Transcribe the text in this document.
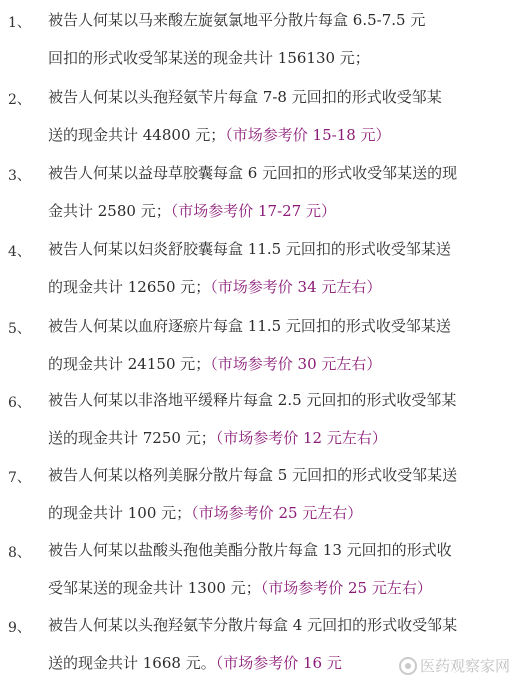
1、 被告人何某以马来酸左旋氨氯地平分散片每盒 6.5-7.5 元
回扣的形式收受邹某送的现金共计 156130 元；
2、 被告人何某以头孢羟氨苄片每盒 7-8 元回扣的形式收受邹某
送的现金共计 44800 元；（市场参考价 15-18 元）
3、 被告人何某以益母草胶囊每盒 6 元回扣的形式收受邹某送的现
金共计 2580 元；（市场参考价 17-27 元）
4、 被告人何某以妇炎舒胶囊每盒 11.5 元回扣的形式收受邹某送
的现金共计 12650 元；（市场参考价 34 元左右）
5、 被告人何某以血府逐瘀片每盒 11.5 元回扣的形式收受邹某送
的现金共计 24150 元；（市场参考价 30 元左右）
6、 被告人何某以非洛地平缓释片每盒 2.5 元回扣的形式收受邹某
送的现金共计 7250 元；（市场参考价 12 元左右）
7、 被告人何某以格列美脲分散片每盒 5 元回扣的形式收受邹某送
的现金共计 100 元；（市场参考价 25 元左右）
8、 被告人何某以盐酸头孢他美酯分散片每盒 13 元回扣的形式收
受邹某送的现金共计 1300 元；（市场参考价 25 元左右）
9、 被告人何某以头孢羟氨苄分散片每盒 4 元回扣的形式收受邹某
送的现金共计 1668 元。（市场参考价 16 元	医药观察家网
